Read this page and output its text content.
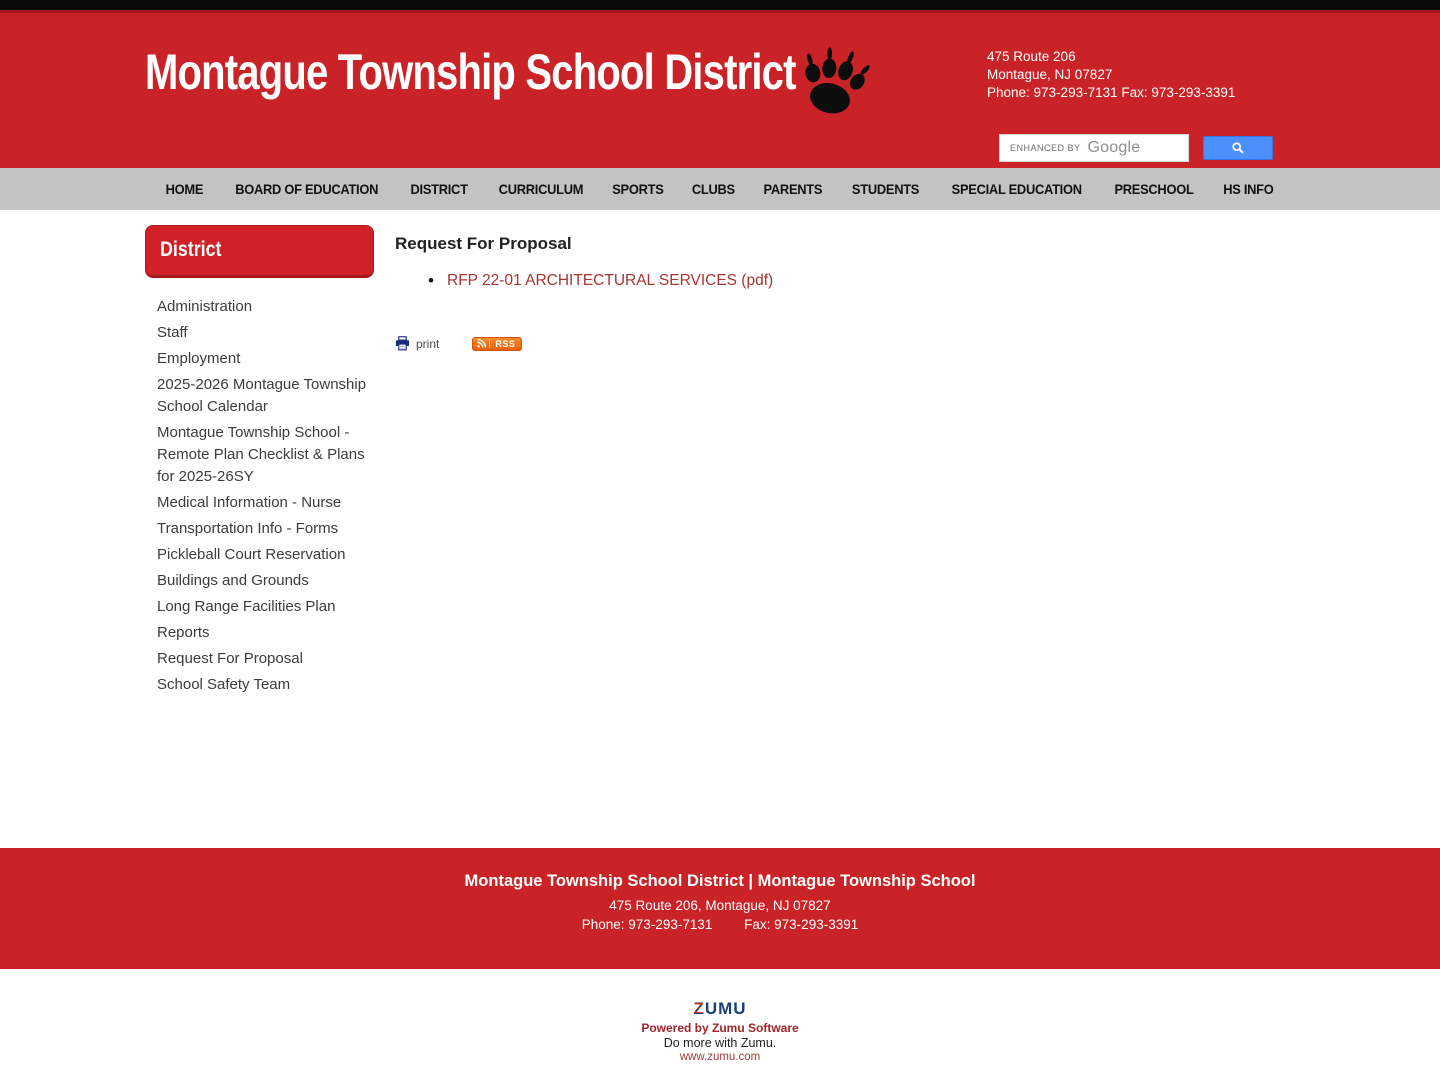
Montague Township School District	475 Route 206
Montague, NJ 07827
Phone: 973-293-7131 Fax: 973-293-3391
ENHANCED BY Google
HOME BOARD OF EDUCATION DISTRICT CURRICULUM SPORTS CLUBS PARENTS STUDENTS SPECIAL EDUCATION PRESCHOOL HS INFO
District
Administration
Staff
Employment
2025-2026 Montague Township School Calendar
Montague Township School - Remote Plan Checklist & Plans for 2025-26SY
Medical Information - Nurse
Transportation Info - Forms
Pickleball Court Reservation
Buildings and Grounds
Long Range Facilities Plan
Reports
Request For Proposal
School Safety Team
Request For Proposal
• RFP 22-01 ARCHITECTURAL SERVICES (pdf)
print	RSS
Montague Township School District | Montague Township School
475 Route 206, Montague, NJ 07827
Phone: 973-293-7131 Fax: 973-293-3391
ZUMU
Powered by Zumu Software
Do more with Zumu.
www.zumu.com
